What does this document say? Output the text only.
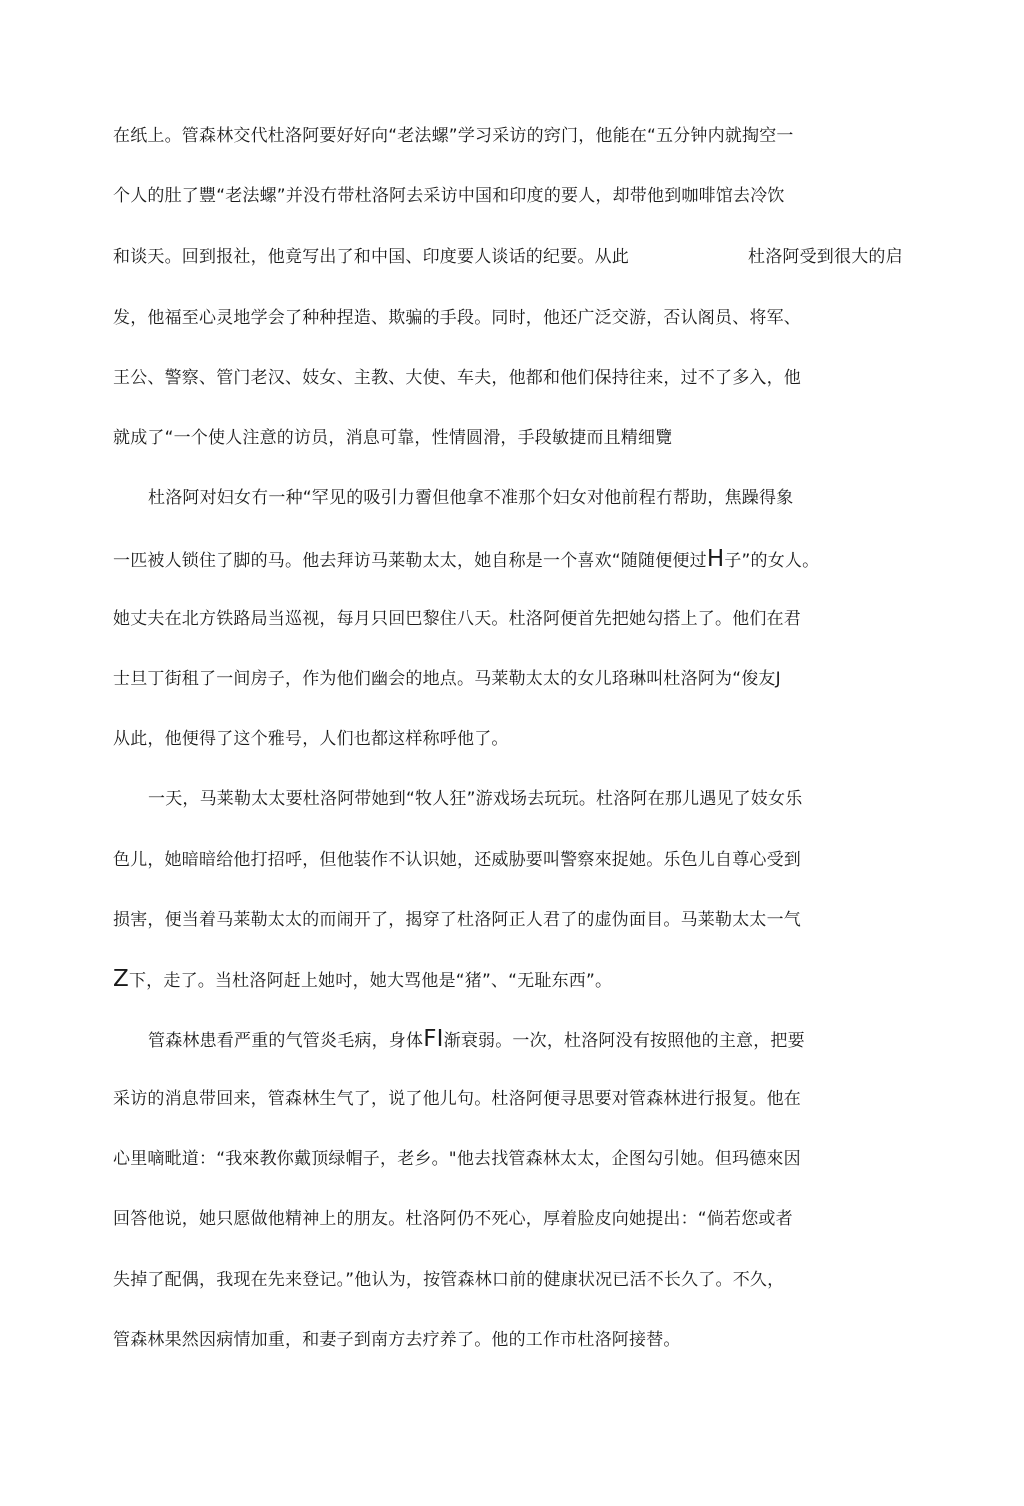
在纸上。管森林交代杜洛阿要好好向“老法螺”学习采访的窍门，他能在“五分钟内就掏空一
个人的肚了豐“老法螺”并没冇带杜洛阿去采访中国和印度的要人，却带他到咖啡馆去冷饮
和谈天。回到报社，他竟写出了和中国、印度要人谈话的纪要。从此	杜洛阿受到很大的启
发，他福至心灵地学会了种种捏造、欺骗的手段。同时，他还广泛交游，否认阁员、将军、
王公、警察、管门老汉、妓女、主教、大使、车夫，他都和他们保持往来，过不了多入，他
就成了“一个使人注意的访员，消息可靠，性情圆滑，手段敏捷而且精细覽
杜洛阿对妇女冇一种“罕见的吸引力霫但他拿不准那个妇女对他前程冇帮助，焦躁得象
一匹被人锁住了脚的马。他去拜访马莱勒太太，她自称是一个喜欢“随随便便过H子”的女人。
她丈夫在北方铁路局当巡视，每月只回巴黎住八天。杜洛阿便首先把她勾搭上了。他们在君
士旦丁街租了一间房子，作为他们幽会的地点。马莱勒太太的女儿珞琳叫杜洛阿为“俊友J
从此，他便得了这个雅号，人们也都这样称呼他了。
一天，马莱勒太太要杜洛阿带她到“牧人狂”游戏场去玩玩。杜洛阿在那儿遇见了妓女乐
色儿，她暗暗给他打招呼，但他装作不认识她，还威胁要叫警察來捉她。乐色儿自尊心受到
损害，便当着马莱勒太太的而闹开了，揭穿了杜洛阿正人君了的虚伪面目。马莱勒太太一气
Z下，走了。当杜洛阿赶上她吋，她大骂他是“猪”、“无耻东西”。
管森林患看严重的气管炎毛病，身体FI渐衰弱。一次，杜洛阿没有按照他的主意，把要
采访的消息带回来，管森林生气了，说了他儿句。杜洛阿便寻思要对管森林进行报复。他在
心里嘀毗道：“我來教你戴顶绿帽子，老乡。"他去找管森林太太，企图勾引她。但玛德來因
回答他说，她只愿做他精神上的朋友。杜洛阿仍不死心，厚着脸皮向她提出：“倘若您或者
失掉了配偶，我现在先来登记。”他认为，按管森林口前的健康状况已活不长久了。不久，
管森林果然因病情加重，和妻子到南方去疗养了。他的工作市杜洛阿接替。
